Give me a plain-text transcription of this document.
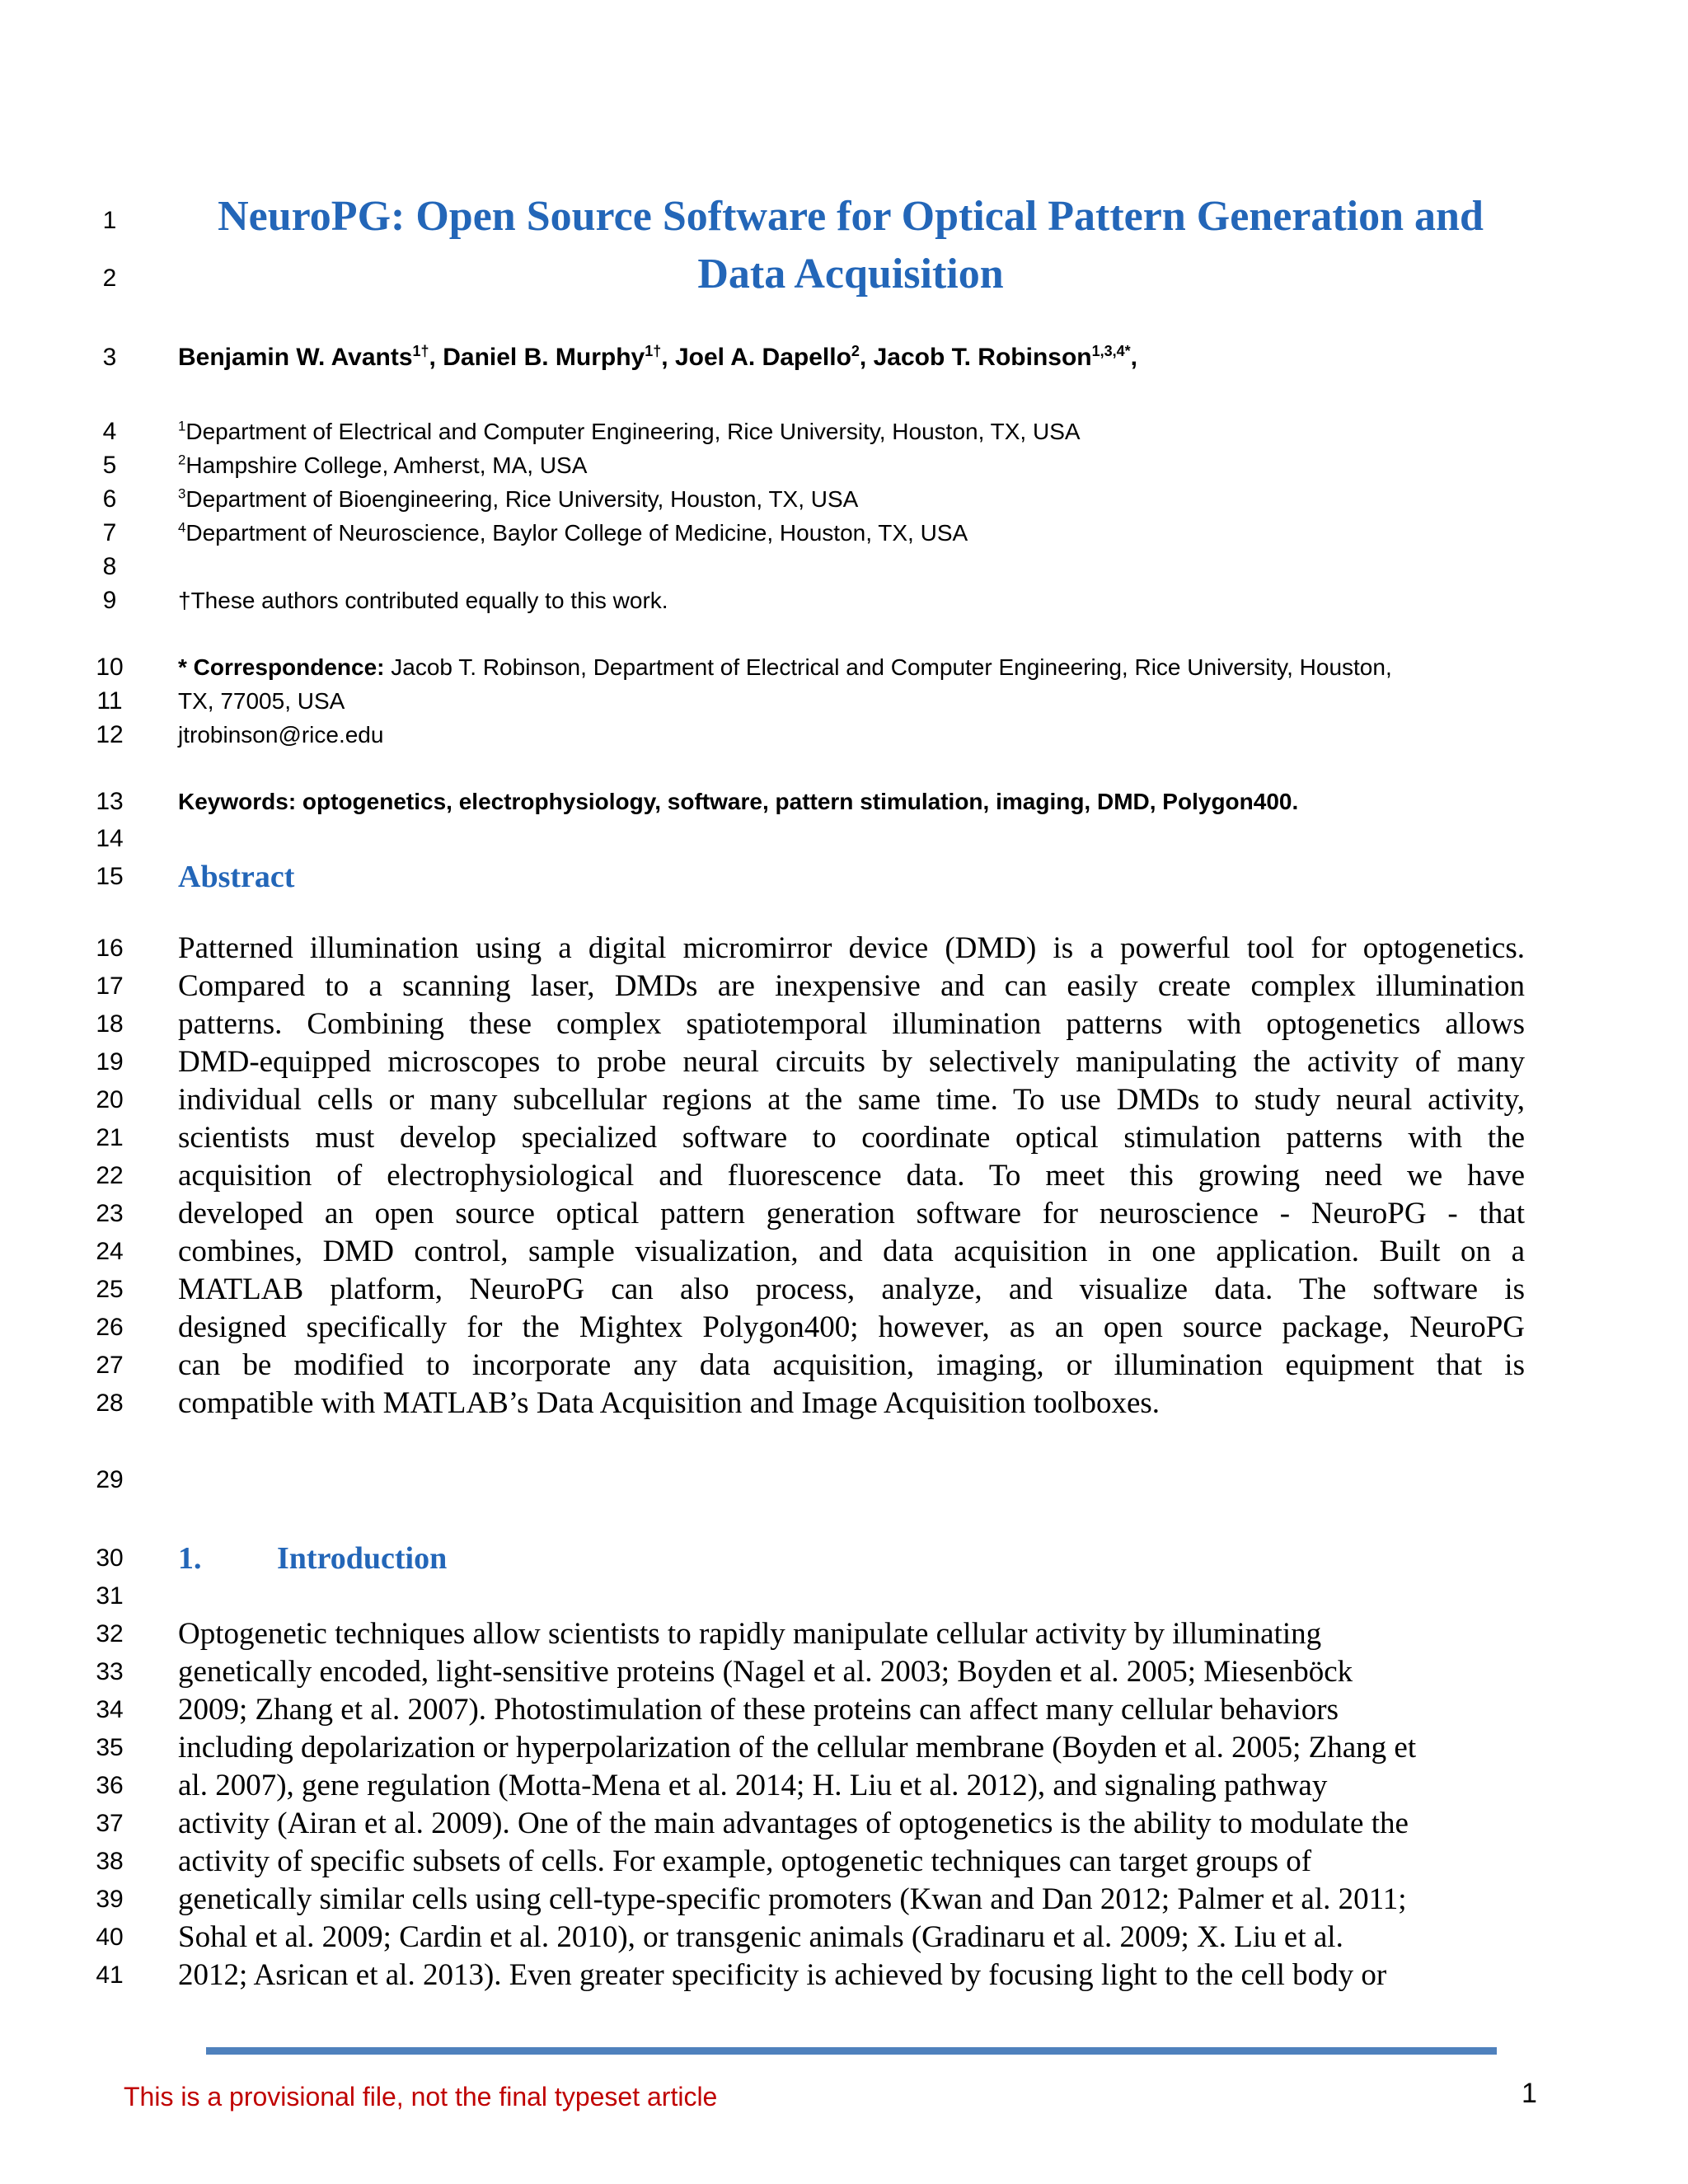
1
2
3
4
5
6
7
8
9
10
11
12
13
14
15
16
17
18
19
20
21
22
23
24
25
26
27
28
29
30
31
32
33
34
35
36
37
38
39
40
41
NeuroPG: Open Source Software for Optical Pattern Generation and
Data Acquisition
Benjamin W. Avants$^{1\dagger}$, Daniel B. Murphy$^{1\dagger}$, Joel A. Dapello$^2$, Jacob T. Robinson$^{1,3,4*}$,
$^1$Department of Electrical and Computer Engineering, Rice University, Houston, TX, USA
$^2$Hampshire College, Amherst, MA, USA
$^3$Department of Bioengineering, Rice University, Houston, TX, USA
$^4$Department of Neuroscience, Baylor College of Medicine, Houston, TX, USA
†These authors contributed equally to this work.
* Correspondence: Jacob T. Robinson, Department of Electrical and Computer Engineering, Rice University, Houston,
TX, 77005, USA
jtrobinson@rice.edu
Keywords: optogenetics, electrophysiology, software, pattern stimulation, imaging, DMD, Polygon400.
Abstract
Patterned illumination using a digital micromirror device (DMD) is a powerful tool for optogenetics.
Compared to a scanning laser, DMDs are inexpensive and can easily create complex illumination
patterns. Combining these complex spatiotemporal illumination patterns with optogenetics allows
DMD-equipped microscopes to probe neural circuits by selectively manipulating the activity of many
individual cells or many subcellular regions at the same time. To use DMDs to study neural activity,
scientists must develop specialized software to coordinate optical stimulation patterns with the
acquisition of electrophysiological and fluorescence data. To meet this growing need we have
developed an open source optical pattern generation software for neuroscience - NeuroPG - that
combines, DMD control, sample visualization, and data acquisition in one application. Built on a
MATLAB platform, NeuroPG can also process, analyze, and visualize data. The software is
designed specifically for the Mightex Polygon400; however, as an open source package, NeuroPG
can be modified to incorporate any data acquisition, imaging, or illumination equipment that is
compatible with MATLAB’s Data Acquisition and Image Acquisition toolboxes.
1. Introduction
Optogenetic techniques allow scientists to rapidly manipulate cellular activity by illuminating
genetically encoded, light-sensitive proteins (Nagel et al. 2003; Boyden et al. 2005; Miesenböck
2009; Zhang et al. 2007). Photostimulation of these proteins can affect many cellular behaviors
including depolarization or hyperpolarization of the cellular membrane (Boyden et al. 2005; Zhang et
al. 2007), gene regulation (Motta-Mena et al. 2014; H. Liu et al. 2012), and signaling pathway
activity (Airan et al. 2009). One of the main advantages of optogenetics is the ability to modulate the
activity of specific subsets of cells. For example, optogenetic techniques can target groups of
genetically similar cells using cell-type-specific promoters (Kwan and Dan 2012; Palmer et al. 2011;
Sohal et al. 2009; Cardin et al. 2010), or transgenic animals (Gradinaru et al. 2009; X. Liu et al.
2012; Asrican et al. 2013). Even greater specificity is achieved by focusing light to the cell body or
This is a provisional file, not the final typeset article	1
